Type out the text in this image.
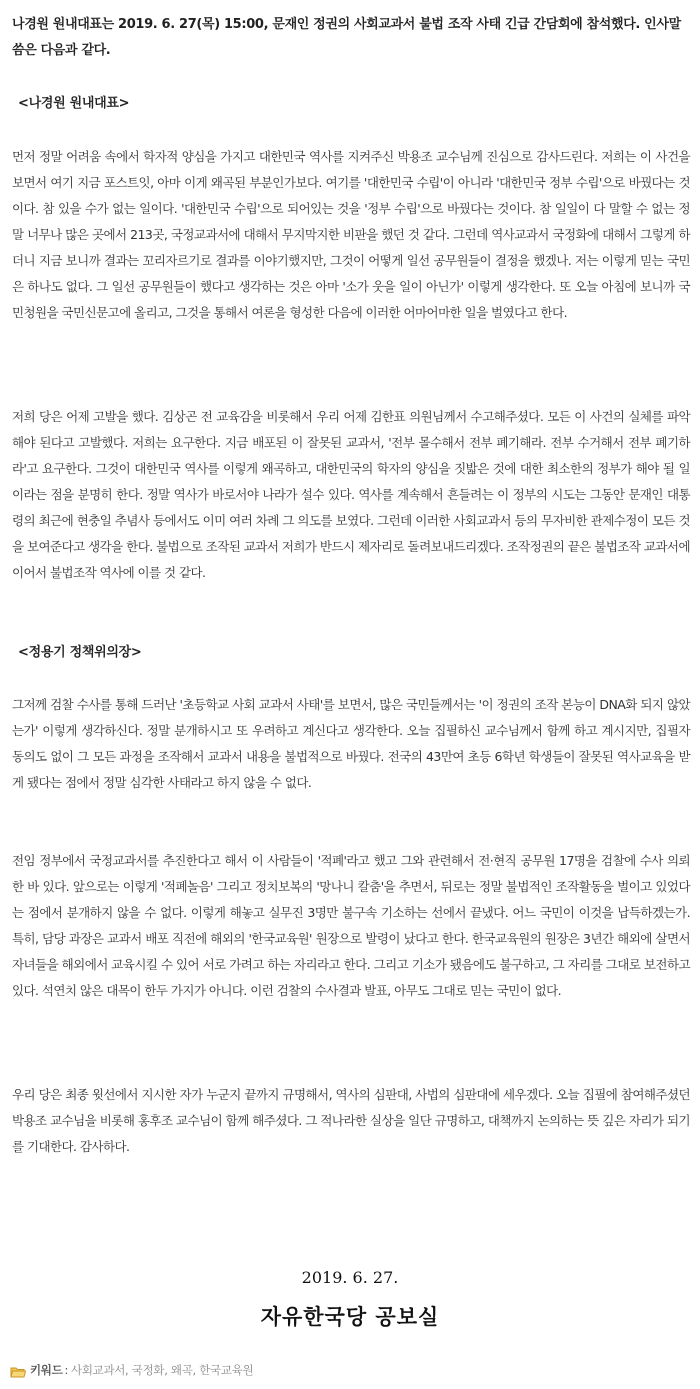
나경원 원내대표는 2019. 6. 27(목) 15:00, 문재인 정권의 사회교과서 불법 조작 사태 긴급 간담회에 참석했다. 인사말씀은 다음과 같다.

<나경원 원내대표>

먼저 정말 어려움 속에서 학자적 양심을 가지고 대한민국 역사를 지켜주신 박용조 교수님께 진심으로 감사드린다. 저희는 이 사건을 보면서 여기 지금 포스트잇, 아마 이게 왜곡된 부분인가보다. 여기를 '대한민국 수립'이 아니라 '대한민국 정부 수립'으로 바꿨다는 것이다. 참 있을 수가 없는 일이다. '대한민국 수립'으로 되어있는 것을 '정부 수립'으로 바꿨다는 것이다. 참 일일이 다 말할 수 없는 정말 너무나 많은 곳에서 213곳, 국정교과서에 대해서 무지막지한 비판을 했던 것 같다. 그런데 역사교과서 국정화에 대해서 그렇게 하더니 지금 보니까 결과는 꼬리자르기로 결과를 이야기했지만, 그것이 어떻게 일선 공무원들이 결정을 했겠나. 저는 이렇게 믿는 국민은 하나도 없다. 그 일선 공무원들이 했다고 생각하는 것은 아마 '소가 웃을 일이 아닌가' 이렇게 생각한다. 또 오늘 아침에 보니까 국민청원을 국민신문고에 올리고, 그것을 통해서 여론을 형성한 다음에 이러한 어마어마한 일을 벌였다고 한다.

저희 당은 어제 고발을 했다. 김상곤 전 교육감을 비롯해서 우리 어제 김한표 의원님께서 수고해주셨다. 모든 이 사건의 실체를 파악해야 된다고 고발했다. 저희는 요구한다. 지금 배포된 이 잘못된 교과서, '전부 몰수해서 전부 폐기해라. 전부 수거해서 전부 폐기하라'고 요구한다. 그것이 대한민국 역사를 이렇게 왜곡하고, 대한민국의 학자의 양심을 짓밟은 것에 대한 최소한의 정부가 해야 될 일이라는 점을 분명히 한다. 정말 역사가 바로서야 나라가 설수 있다. 역사를 계속해서 흔들려는 이 정부의 시도는 그동안 문재인 대통령의 최근에 현충일 추념사 등에서도 이미 여러 차례 그 의도를 보였다. 그런데 이러한 사회교과서 등의 무자비한 관제수정이 모든 것을 보여준다고 생각을 한다. 불법으로 조작된 교과서 저희가 반드시 제자리로 돌려보내드리겠다. 조작정권의 끝은 불법조작 교과서에 이어서 불법조작 역사에 이를 것 같다.

<정용기 정책위의장>

그저께 검찰 수사를 통해 드러난 '초등학교 사회 교과서 사태'를 보면서, 많은 국민들께서는 '이 정권의 조작 본능이 DNA화 되지 않았는가' 이렇게 생각하신다. 정말 분개하시고 또 우려하고 계신다고 생각한다. 오늘 집필하신 교수님께서 함께 하고 계시지만, 집필자 동의도 없이 그 모든 과정을 조작해서 교과서 내용을 불법적으로 바꿨다. 전국의 43만여 초등 6학년 학생들이 잘못된 역사교육을 받게 됐다는 점에서 정말 심각한 사태라고 하지 않을 수 없다.

전임 정부에서 국정교과서를 추진한다고 해서 이 사람들이 '적폐'라고 했고 그와 관련해서 전·현직 공무원 17명을 검찰에 수사 의뢰한 바 있다. 앞으로는 이렇게 '적폐놀음' 그리고 정치보복의 '망나니 칼춤'을 추면서, 뒤로는 정말 불법적인 조작활동을 벌이고 있었다는 점에서 분개하지 않을 수 없다. 이렇게 해놓고 실무진 3명만 불구속 기소하는 선에서 끝냈다. 어느 국민이 이것을 납득하겠는가. 특히, 담당 과장은 교과서 배포 직전에 해외의 '한국교육원' 원장으로 발령이 났다고 한다. 한국교육원의 원장은 3년간 해외에 살면서 자녀들을 해외에서 교육시킬 수 있어 서로 가려고 하는 자리라고 한다. 그리고 기소가 됐음에도 불구하고, 그 자리를 그대로 보전하고 있다. 석연치 않은 대목이 한두 가지가 아니다. 이런 검찰의 수사결과 발표, 아무도 그대로 믿는 국민이 없다.

우리 당은 최종 윗선에서 지시한 자가 누군지 끝까지 규명해서, 역사의 심판대, 사법의 심판대에 세우겠다. 오늘 집필에 참여해주셨던 박용조 교수님을 비롯해 홍후조 교수님이 함께 해주셨다. 그 적나라한 실상을 일단 규명하고, 대책까지 논의하는 뜻 깊은 자리가 되기를 기대한다. 감사하다.

2019. 6. 27.

자유한국당 공보실

키워드 : 사회교과서, 국정화, 왜곡, 한국교육원
